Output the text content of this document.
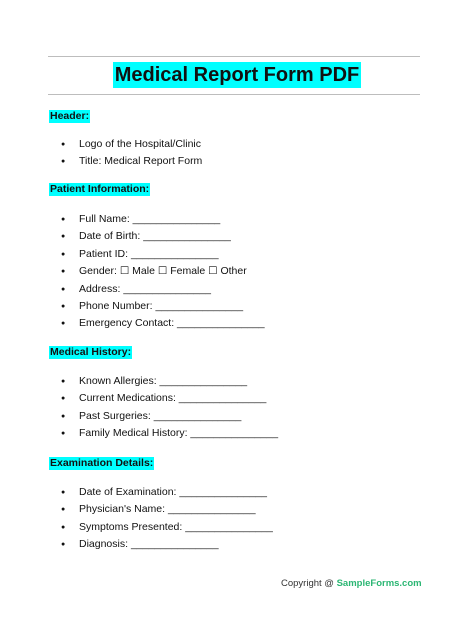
Medical Report Form PDF
Header:
● Logo of the Hospital/Clinic
● Title: Medical Report Form
Patient Information:
● Full Name: _______________
● Date of Birth: _______________
● Patient ID: _______________
● Gender: ☐ Male ☐ Female ☐ Other
● Address: _______________
● Phone Number: _______________
● Emergency Contact: _______________
Medical History:
● Known Allergies: _______________
● Current Medications: _______________
● Past Surgeries: _______________
● Family Medical History: _______________
Examination Details:
● Date of Examination: _______________
● Physician's Name: _______________
● Symptoms Presented: _______________
● Diagnosis: _______________
Copyright @ SampleForms.com
